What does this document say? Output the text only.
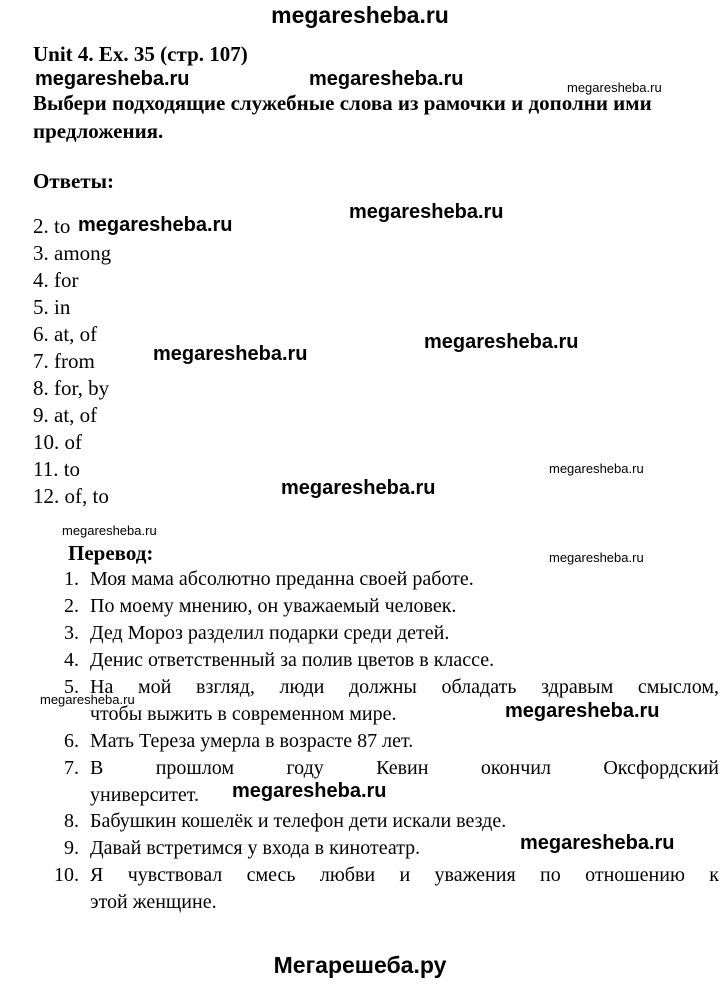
megaresheba.ru
Unit 4. Ex. 35 (стр. 107)
megaresheba.ru	megaresheba.ru	megaresheba.ru
Выбери подходящие служебные слова из рамочки и дополни ими предложения.
Ответы:
2. to
3. among
4. for
5. in
6. at, of
7. from
8. for, by
9. at, of
10. of
11. to
12. of, to
megaresheba.ru
megaresheba.ru
megaresheba.ru
megaresheba.ru
megaresheba.ru
megaresheba.ru
megaresheba.ru
Перевод:	megaresheba.ru
1. Моя мама абсолютно преданна своей работе.
2. По моему мнению, он уважаемый человек.
3. Дед Мороз разделил подарки среди детей.
4. Денис ответственный за полив цветов в классе.
5. На мой взгляд, люди должны обладать здравым смыслом,
чтобы выжить в современном мире.
megaresheba.ru
megaresheba.ru
6. Мать Тереза умерла в возрасте 87 лет.
7. В прошлом году Кевин окончил Оксфордский
университет.	megaresheba.ru
8. Бабушкин кошелёк и телефон дети искали везде.
9. Давай встретимся у входа в кинотеатр.	megaresheba.ru
10. Я чувствовал смесь любви и уважения по отношению к
этой женщине.
Мегарешеба.ру
